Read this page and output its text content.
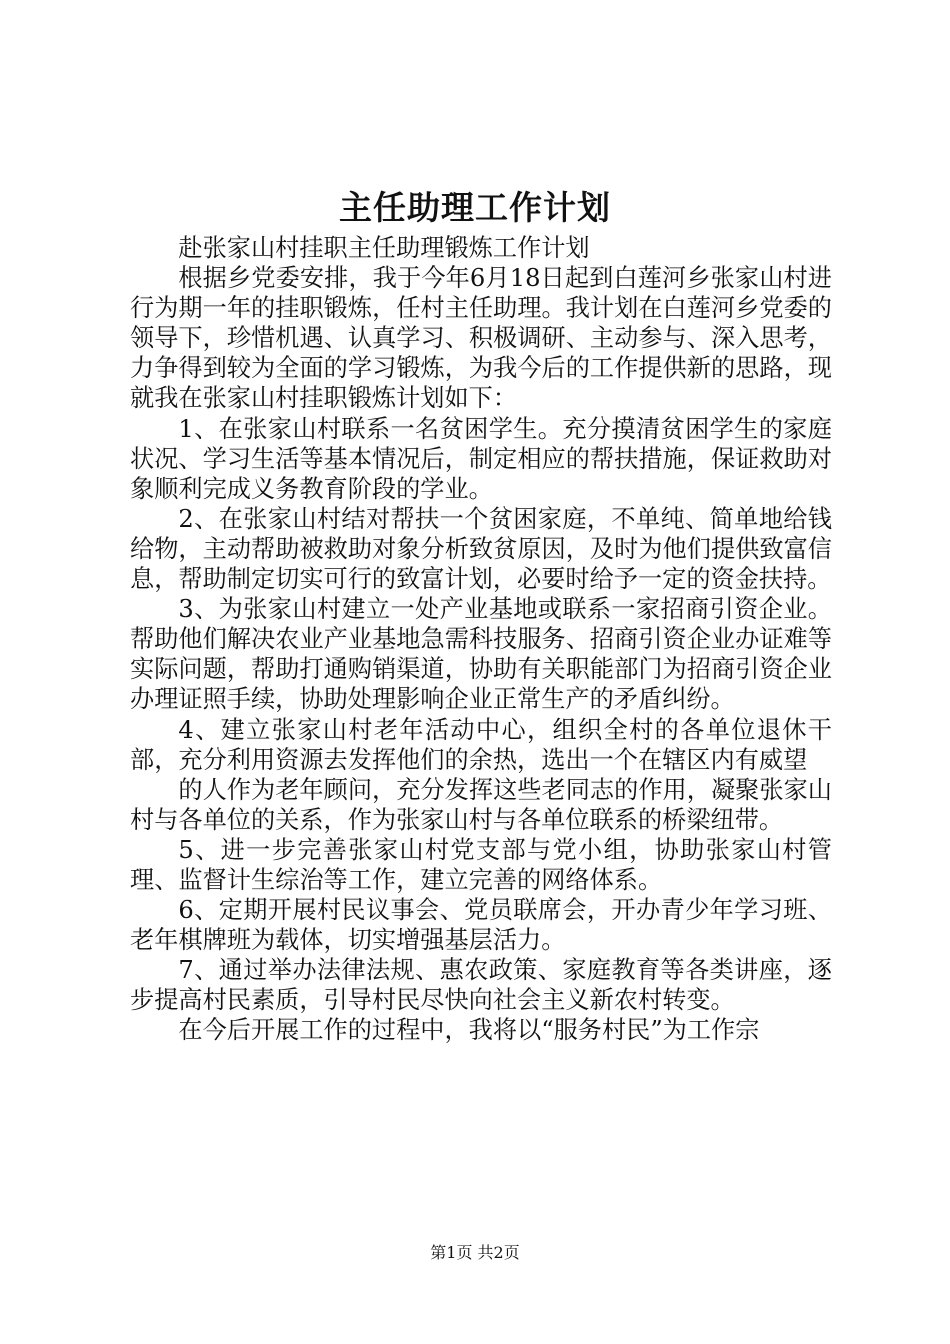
主任助理工作计划

赴张家山村挂职主任助理锻炼工作计划

根据乡党委安排，我于今年6月18日起到白莲河乡张家山村进行为期一年的挂职锻炼，任村主任助理。我计划在白莲河乡党委的领导下，珍惜机遇、认真学习、积极调研、主动参与、深入思考，力争得到较为全面的学习锻炼，为我今后的工作提供新的思路，现就我在张家山村挂职锻炼计划如下：

1、在张家山村联系一名贫困学生。充分摸清贫困学生的家庭状况、学习生活等基本情况后，制定相应的帮扶措施，保证救助对象顺利完成义务教育阶段的学业。

2、在张家山村结对帮扶一个贫困家庭，不单纯、简单地给钱给物，主动帮助被救助对象分析致贫原因，及时为他们提供致富信息，帮助制定切实可行的致富计划，必要时给予一定的资金扶持。

3、为张家山村建立一处产业基地或联系一家招商引资企业。帮助他们解决农业产业基地急需科技服务、招商引资企业办证难等实际问题，帮助打通购销渠道，协助有关职能部门为招商引资企业办理证照手续，协助处理影响企业正常生产的矛盾纠纷。

4、建立张家山村老年活动中心，组织全村的各单位退休干部，充分利用资源去发挥他们的余热，选出一个在辖区内有威望

的人作为老年顾问，充分发挥这些老同志的作用，凝聚张家山村与各单位的关系，作为张家山村与各单位联系的桥梁纽带。

5、进一步完善张家山村党支部与党小组，协助张家山村管理、监督计生综治等工作，建立完善的网络体系。

6、定期开展村民议事会、党员联席会，开办青少年学习班、老年棋牌班为载体，切实增强基层活力。

7、通过举办法律法规、惠农政策、家庭教育等各类讲座，逐步提高村民素质，引导村民尽快向社会主义新农村转变。

在今后开展工作的过程中，我将以“服务村民”为工作宗

第1页 共2页
